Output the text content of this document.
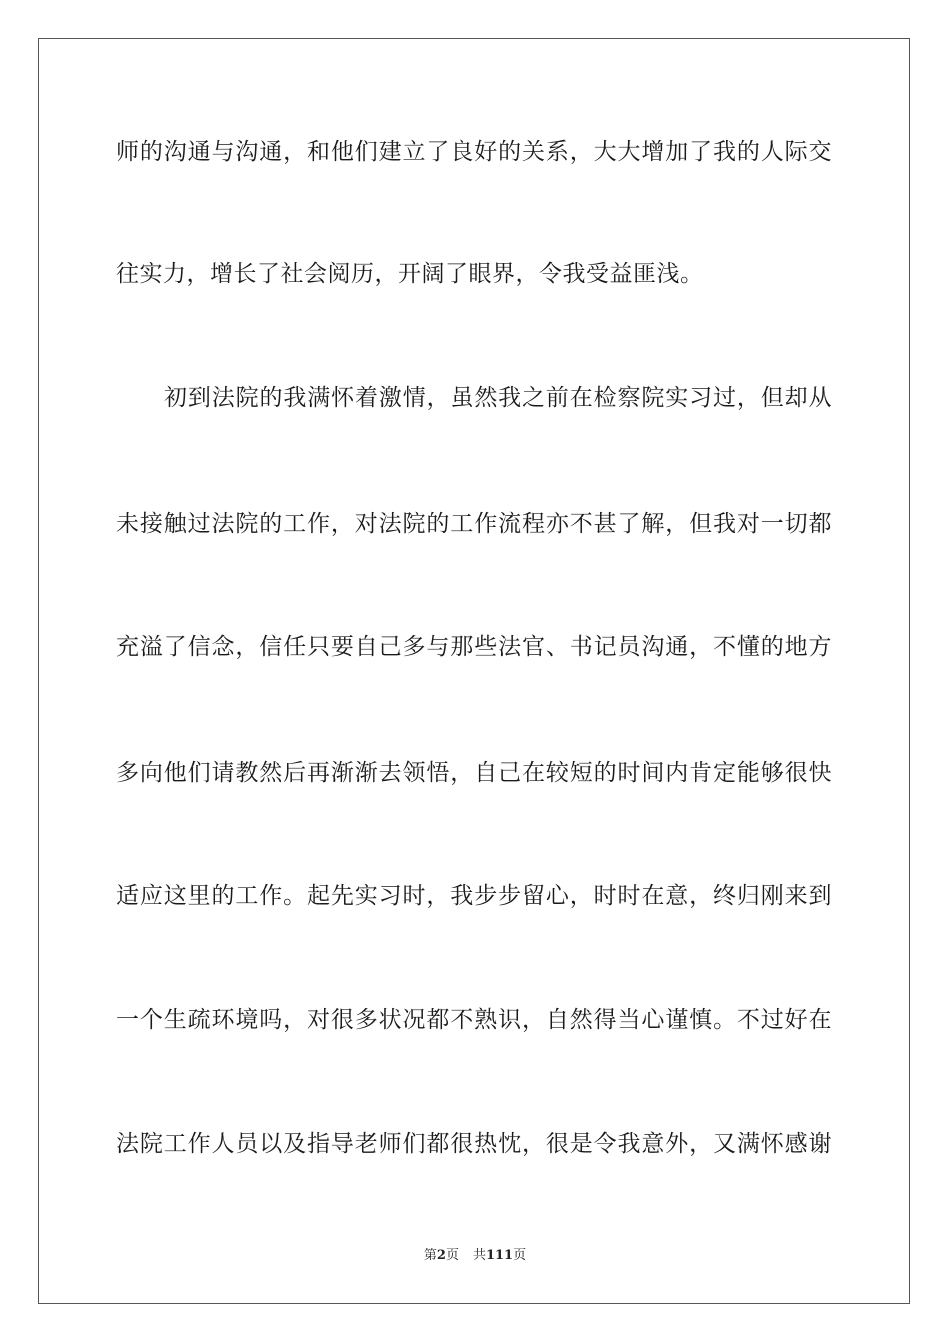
师的沟通与沟通，和他们建立了良好的关系，大大增加了我的人际交
往实力，增长了社会阅历，开阔了眼界，令我受益匪浅。
初到法院的我满怀着激情，虽然我之前在检察院实习过，但却从
未接触过法院的工作，对法院的工作流程亦不甚了解，但我对一切都
充溢了信念，信任只要自己多与那些法官、书记员沟通，不懂的地方
多向他们请教然后再渐渐去领悟，自己在较短的时间内肯定能够很快
适应这里的工作。起先实习时，我步步留心，时时在意，终归刚来到
一个生疏环境吗，对很多状况都不熟识，自然得当心谨慎。不过好在
法院工作人员以及指导老师们都很热忱，很是令我意外，又满怀感谢
第2页 共111页
